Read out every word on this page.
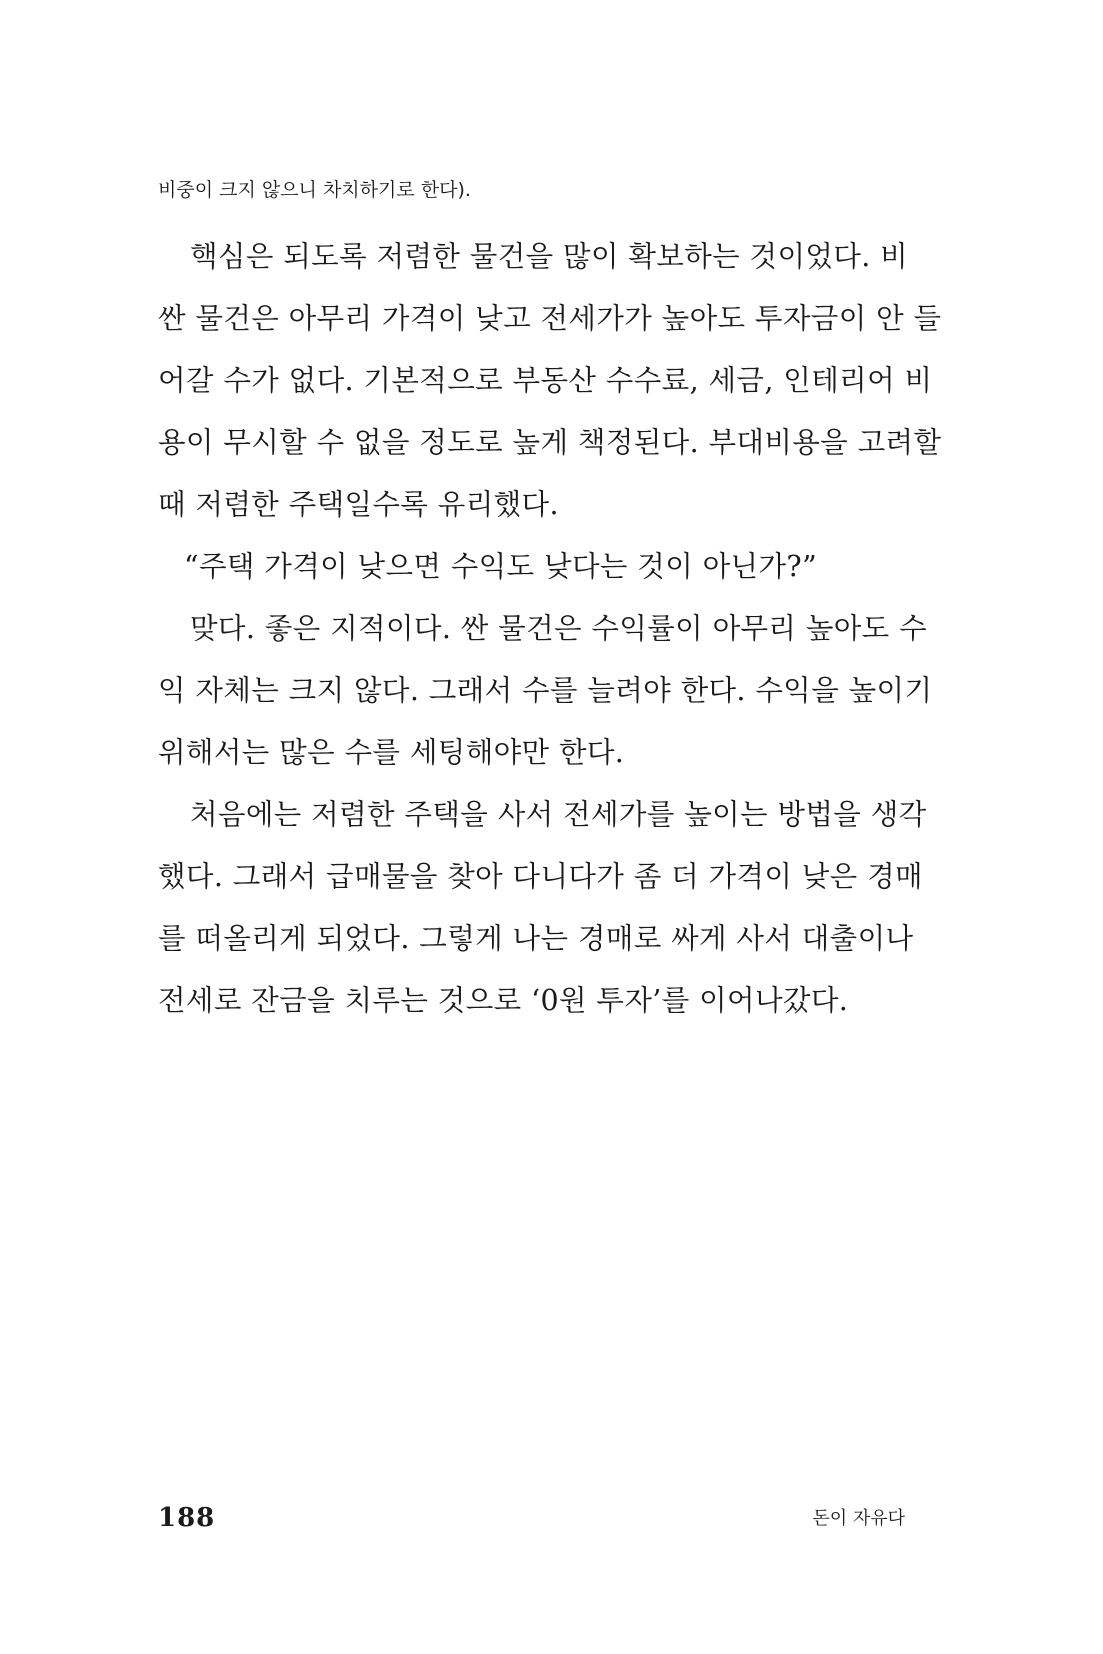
비중이 크지 않으니 차치하기로 한다).
핵심은 되도록 저렴한 물건을 많이 확보하는 것이었다. 비
싼 물건은 아무리 가격이 낮고 전세가가 높아도 투자금이 안 들
어갈 수가 없다. 기본적으로 부동산 수수료, 세금, 인테리어 비
용이 무시할 수 없을 정도로 높게 책정된다. 부대비용을 고려할
때 저렴한 주택일수록 유리했다.
“주택 가격이 낮으면 수익도 낮다는 것이 아닌가?”
맞다. 좋은 지적이다. 싼 물건은 수익률이 아무리 높아도 수
익 자체는 크지 않다. 그래서 수를 늘려야 한다. 수익을 높이기
위해서는 많은 수를 세팅해야만 한다.
처음에는 저렴한 주택을 사서 전세가를 높이는 방법을 생각
했다. 그래서 급매물을 찾아 다니다가 좀 더 가격이 낮은 경매
를 떠올리게 되었다. 그렇게 나는 경매로 싸게 사서 대출이나
전세로 잔금을 치루는 것으로 ‘0원 투자’를 이어나갔다.
188	돈이 자유다
